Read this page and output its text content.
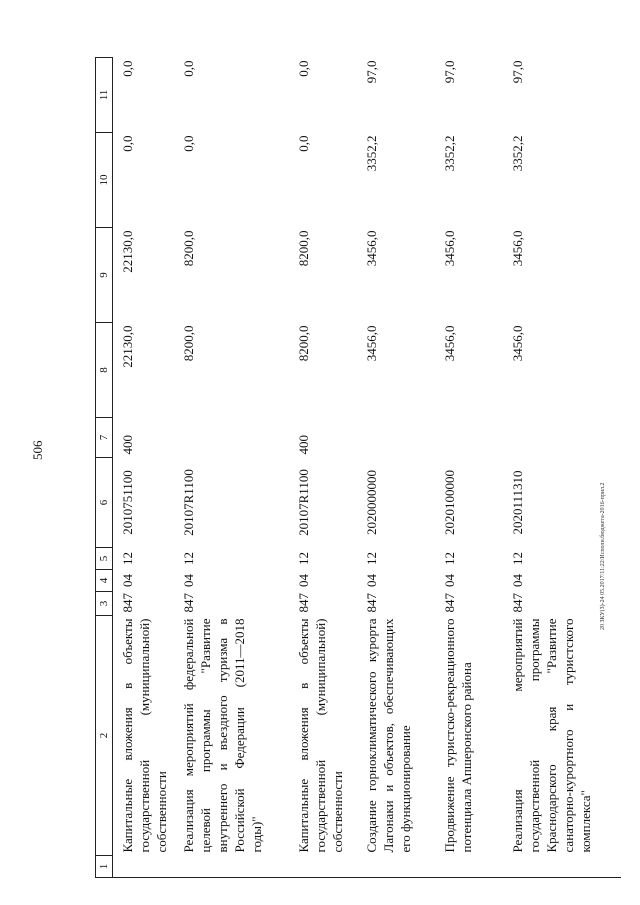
506
1	2	3	4	5	6	7	8	9	10	11
	Капитальные вложения в объекты государственной (муниципальной) собственности	847	04	12	2010751100	400	22130,0	22130,0	0,0	0,0
	Реализация мероприятий федеральной целевой программы "Развитие внутреннего и въездного туризма в Российской Федерации (2011—2018 годы)"	847	04	12	20107R1100		8200,0	8200,0	0,0	0,0
	Капитальные вложения в объекты государственной (муниципальной) собственности	847	04	12	20107R1100	400	8200,0	8200,0	0,0	0,0
	Создание горноклиматического курорта Лагонаки и объектов, обеспечивающих его функционирование	847	04	12	2020000000		3456,0	3456,0	3352,2	97,0
	Продвижение туристско-рекреационного потенциала Апшеронского района	847	04	12	2020100000		3456,0	3456,0	3352,2	97,0
	Реализация мероприятий государственной программы Краснодарского края "Развитие санаторно-курортного и туристского комплекса"	847	04	12	2020111310		3456,0	3456,0	3352,2	97,0
20 ЗКУ(З)-24 05.2017/11:22/Исполн.бюджета-2016-прил.2
